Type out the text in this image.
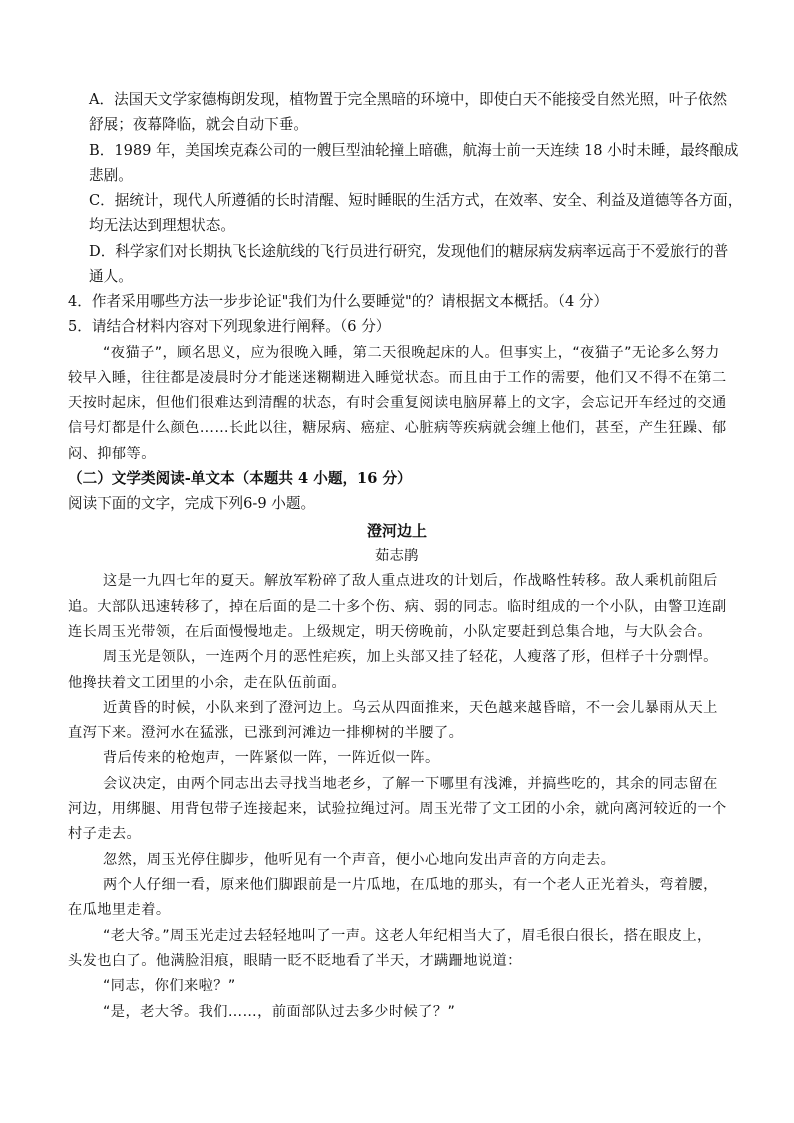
A．法国天文学家德梅朗发现，植物置于完全黑暗的环境中，即使白天不能接受自然光照，叶子依然
舒展；夜幕降临，就会自动下垂。
B．1989 年，美国埃克森公司的一艘巨型油轮撞上暗礁，航海士前一天连续 18 小时未睡，最终酿成
悲剧。
C．据统计，现代人所遵循的长时清醒、短时睡眠的生活方式，在效率、安全、利益及道德等各方面，
均无法达到理想状态。
D．科学家们对长期执飞长途航线的飞行员进行研究，发现他们的糖尿病发病率远高于不爱旅行的普
通人。
4．作者采用哪些方法一步步论证"我们为什么要睡觉"的？请根据文本概括。（4 分）
5．请结合材料内容对下列现象进行阐释。（6 分）
“夜猫子”，顾名思义，应为很晚入睡，第二天很晚起床的人。但事实上，“夜猫子”无论多么努力
较早入睡，往往都是凌晨时分才能迷迷糊糊进入睡觉状态。而且由于工作的需要，他们又不得不在第二
天按时起床，但他们很难达到清醒的状态，有时会重复阅读电脑屏幕上的文字，会忘记开车经过的交通
信号灯都是什么颜色……长此以往，糖尿病、癌症、心脏病等疾病就会缠上他们，甚至，产生狂躁、郁
闷、抑郁等。
（二）文学类阅读-单文本（本题共 4 小题，16 分）
阅读下面的文字，完成下列6-9 小题。
澄河边上
茹志鹃
这是一九四七年的夏天。解放军粉碎了敌人重点进攻的计划后，作战略性转移。敌人乘机前阻后
追。大部队迅速转移了，掉在后面的是二十多个伤、病、弱的同志。临时组成的一个小队，由警卫连副
连长周玉光带领，在后面慢慢地走。上级规定，明天傍晚前，小队定要赶到总集合地，与大队会合。
周玉光是领队，一连两个月的恶性疟疾，加上头部又挂了轻花，人瘦落了形，但样子十分剽悍。
他搀扶着文工团里的小余，走在队伍前面。
近黄昏的时候，小队来到了澄河边上。乌云从四面推来，天色越来越昏暗，不一会儿暴雨从天上
直泻下来。澄河水在猛涨，已涨到河滩边一排柳树的半腰了。
背后传来的枪炮声，一阵紧似一阵，一阵近似一阵。
会议决定，由两个同志出去寻找当地老乡，了解一下哪里有浅滩，并搞些吃的，其余的同志留在
河边，用绑腿、用背包带子连接起来，试验拉绳过河。周玉光带了文工团的小余，就向离河较近的一个
村子走去。
忽然，周玉光停住脚步，他听见有一个声音，便小心地向发出声音的方向走去。
两个人仔细一看，原来他们脚跟前是一片瓜地，在瓜地的那头，有一个老人正光着头，弯着腰，
在瓜地里走着。
“老大爷。”周玉光走过去轻轻地叫了一声。这老人年纪相当大了，眉毛很白很长，搭在眼皮上，
头发也白了。他满脸泪痕，眼睛一眨不眨地看了半天，才蹒跚地说道：
“同志，你们来啦？”
“是，老大爷。我们……，前面部队过去多少时候了？”
